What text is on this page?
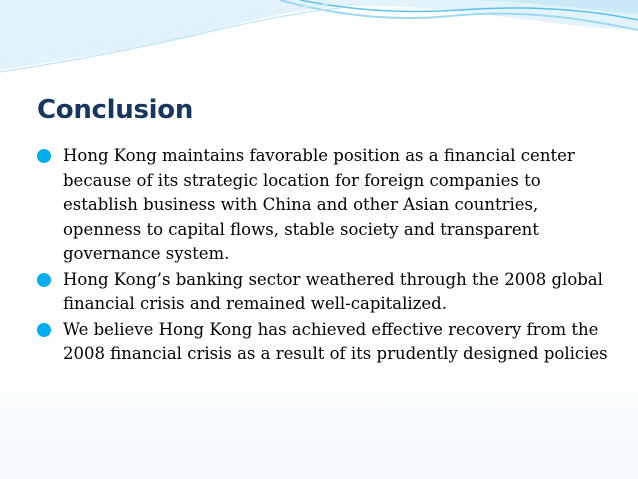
Conclusion
Hong Kong maintains favorable position as a financial center because of its strategic location for foreign companies to establish business with China and other Asian countries, openness to capital flows, stable society and transparent governance system.
Hong Kong’s banking sector weathered through the 2008 global financial crisis and remained well-capitalized.
We believe Hong Kong has achieved effective recovery from the 2008 financial crisis as a result of its prudently designed policies
